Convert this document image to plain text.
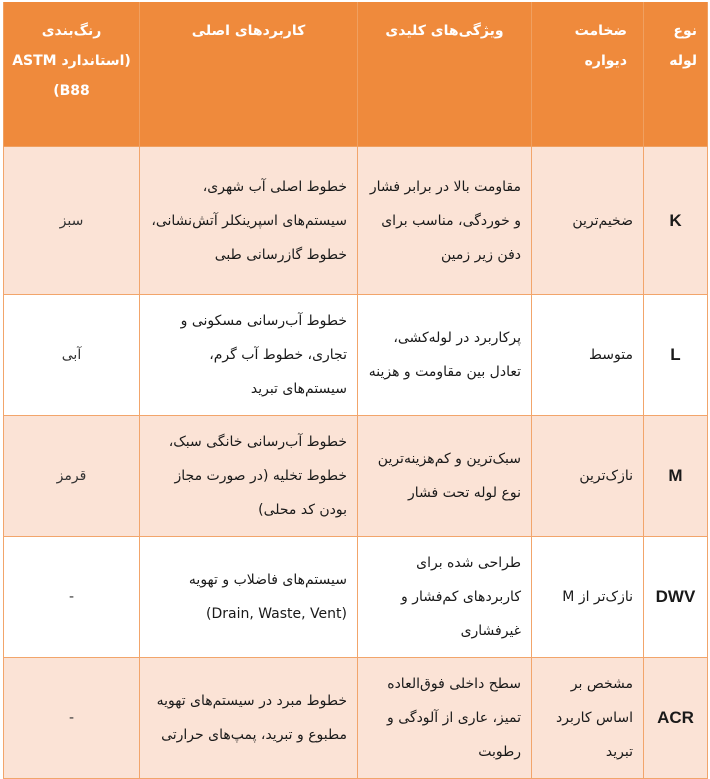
نوع لوله	ضخامت دیواره	ویژگی‌های کلیدی	کاربردهای اصلی	رنگ‌بندی (استاندارد ASTM B88)
K	ضخیم‌ترین	مقاومت بالا در برابر فشار و خوردگی، مناسب برای دفن زیر زمین	خطوط اصلی آب شهری، سیستم‌های اسپرینکلر آتش‌نشانی، خطوط گازرسانی طبی	سبز
L	متوسط	پرکاربرد در لوله‌کشی، تعادل بین مقاومت و هزینه	خطوط آب‌رسانی مسکونی و تجاری، خطوط آب گرم، سیستم‌های تبرید	آبی
M	نازک‌ترین	سبک‌ترین و کم‌هزینه‌ترین نوع لوله تحت فشار	خطوط آب‌رسانی خانگی سبک، خطوط تخلیه (در صورت مجاز بودن کد محلی)	قرمز
DWV	نازک‌تر از M	طراحی شده برای کاربردهای کم‌فشار و غیرفشاری	سیستم‌های فاضلاب و تهویه (Drain, Waste, Vent)	-
ACR	مشخص بر اساس کاربرد تبرید	سطح داخلی فوق‌العاده تمیز، عاری از آلودگی و رطوبت	خطوط مبرد در سیستم‌های تهویه مطبوع و تبرید، پمپ‌های حرارتی	-
